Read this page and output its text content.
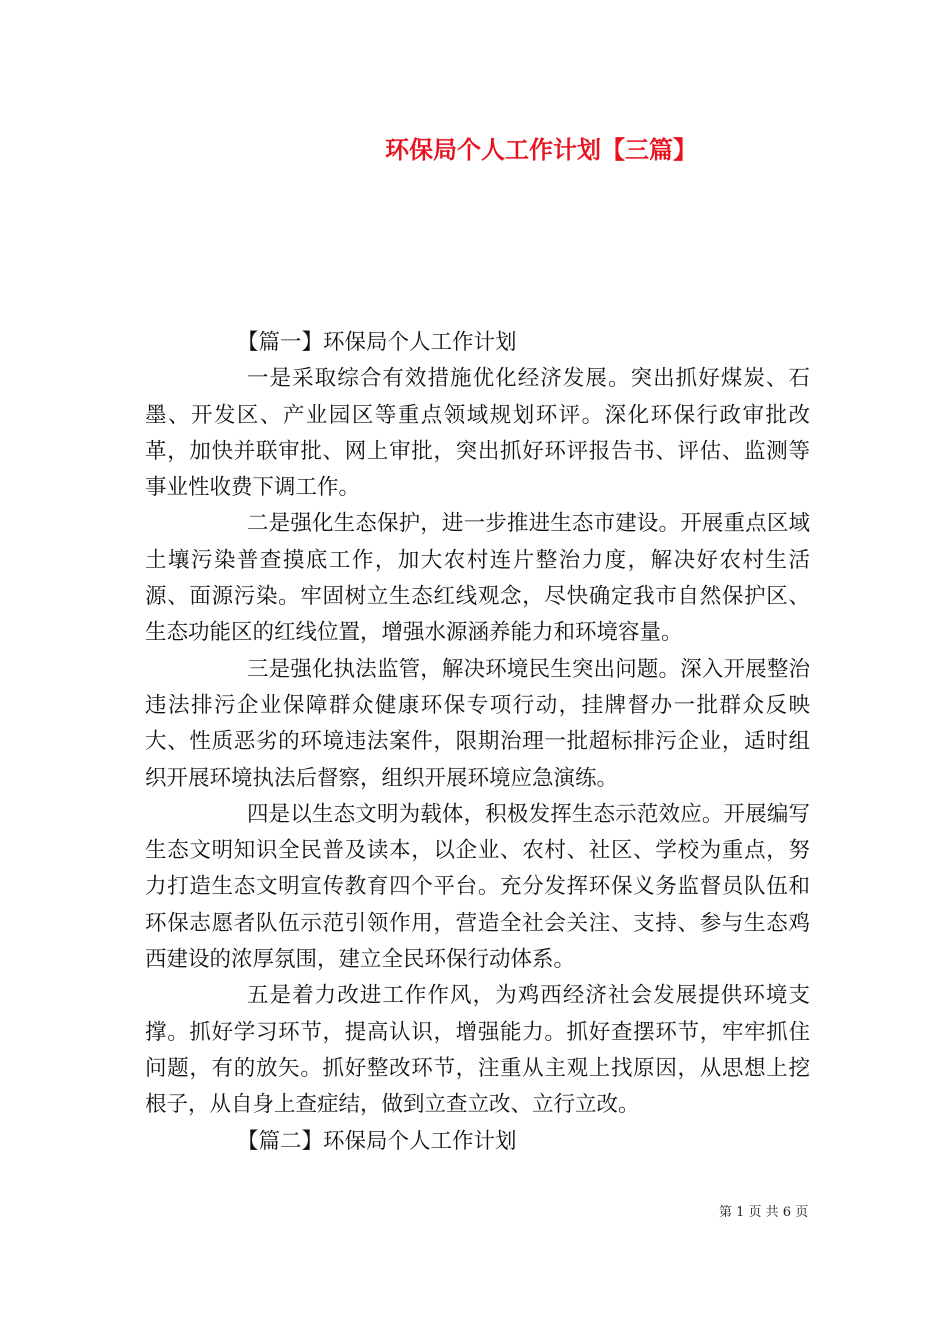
环保局个人工作计划【三篇】

【篇一】环保局个人工作计划

一是采取综合有效措施优化经济发展。突出抓好煤炭、石墨、开发区、产业园区等重点领域规划环评。深化环保行政审批改革，加快并联审批、网上审批，突出抓好环评报告书、评估、监测等事业性收费下调工作。

二是强化生态保护，进一步推进生态市建设。开展重点区域土壤污染普查摸底工作，加大农村连片整治力度，解决好农村生活源、面源污染。牢固树立生态红线观念，尽快确定我市自然保护区、生态功能区的红线位置，增强水源涵养能力和环境容量。

三是强化执法监管，解决环境民生突出问题。深入开展整治违法排污企业保障群众健康环保专项行动，挂牌督办一批群众反映大、性质恶劣的环境违法案件，限期治理一批超标排污企业，适时组织开展环境执法后督察，组织开展环境应急演练。

四是以生态文明为载体，积极发挥生态示范效应。开展编写生态文明知识全民普及读本，以企业、农村、社区、学校为重点，努力打造生态文明宣传教育四个平台。充分发挥环保义务监督员队伍和环保志愿者队伍示范引领作用，营造全社会关注、支持、参与生态鸡西建设的浓厚氛围，建立全民环保行动体系。

五是着力改进工作作风，为鸡西经济社会发展提供环境支撑。抓好学习环节，提高认识，增强能力。抓好查摆环节，牢牢抓住问题，有的放矢。抓好整改环节，注重从主观上找原因，从思想上挖根子，从自身上查症结，做到立查立改、立行立改。

【篇二】环保局个人工作计划

第 1 页 共 6 页
